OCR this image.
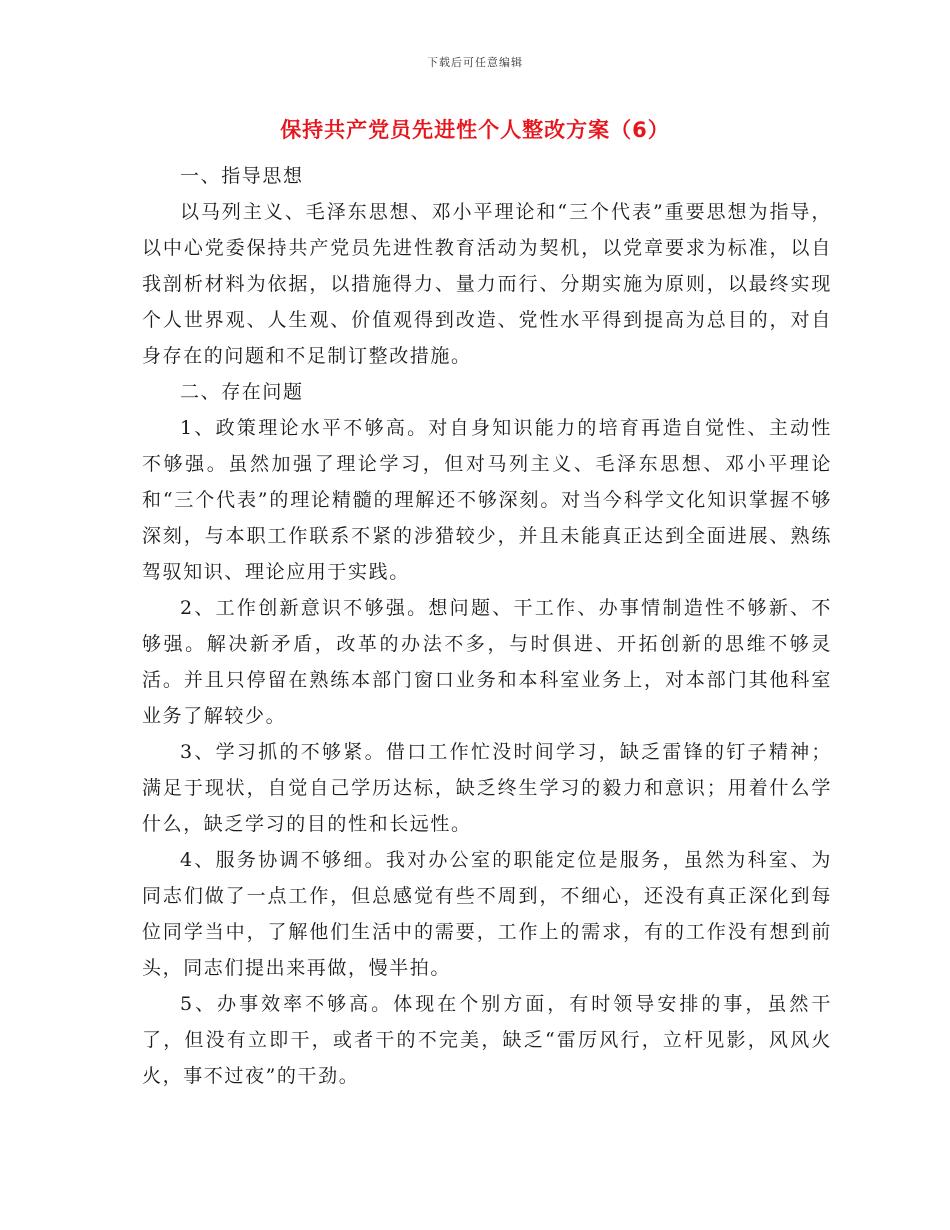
下载后可任意编辑
保持共产党员先进性个人整改方案（6）

一、指导思想

以马列主义、毛泽东思想、邓小平理论和“三个代表”重要思想为指导，以中心党委保持共产党员先进性教育活动为契机，以党章要求为标准，以自我剖析材料为依据，以措施得力、量力而行、分期实施为原则，以最终实现个人世界观、人生观、价值观得到改造、党性水平得到提高为总目的，对自身存在的问题和不足制订整改措施。

二、存在问题

1、政策理论水平不够高。对自身知识能力的培育再造自觉性、主动性不够强。虽然加强了理论学习，但对马列主义、毛泽东思想、邓小平理论和“三个代表”的理论精髓的理解还不够深刻。对当今科学文化知识掌握不够深刻，与本职工作联系不紧的涉猎较少，并且未能真正达到全面进展、熟练驾驭知识、理论应用于实践。

2、工作创新意识不够强。想问题、干工作、办事情制造性不够新、不够强。解决新矛盾，改革的办法不多，与时俱进、开拓创新的思维不够灵活。并且只停留在熟练本部门窗口业务和本科室业务上，对本部门其他科室业务了解较少。

3、学习抓的不够紧。借口工作忙没时间学习，缺乏雷锋的钉子精神；满足于现状，自觉自己学历达标，缺乏终生学习的毅力和意识；用着什么学什么，缺乏学习的目的性和长远性。

4、服务协调不够细。我对办公室的职能定位是服务，虽然为科室、为同志们做了一点工作，但总感觉有些不周到，不细心，还没有真正深化到每位同学当中，了解他们生活中的需要，工作上的需求，有的工作没有想到前头，同志们提出来再做，慢半拍。

5、办事效率不够高。体现在个别方面，有时领导安排的事，虽然干了，但没有立即干，或者干的不完美，缺乏“雷厉风行，立杆见影，风风火火，事不过夜”的干劲。
